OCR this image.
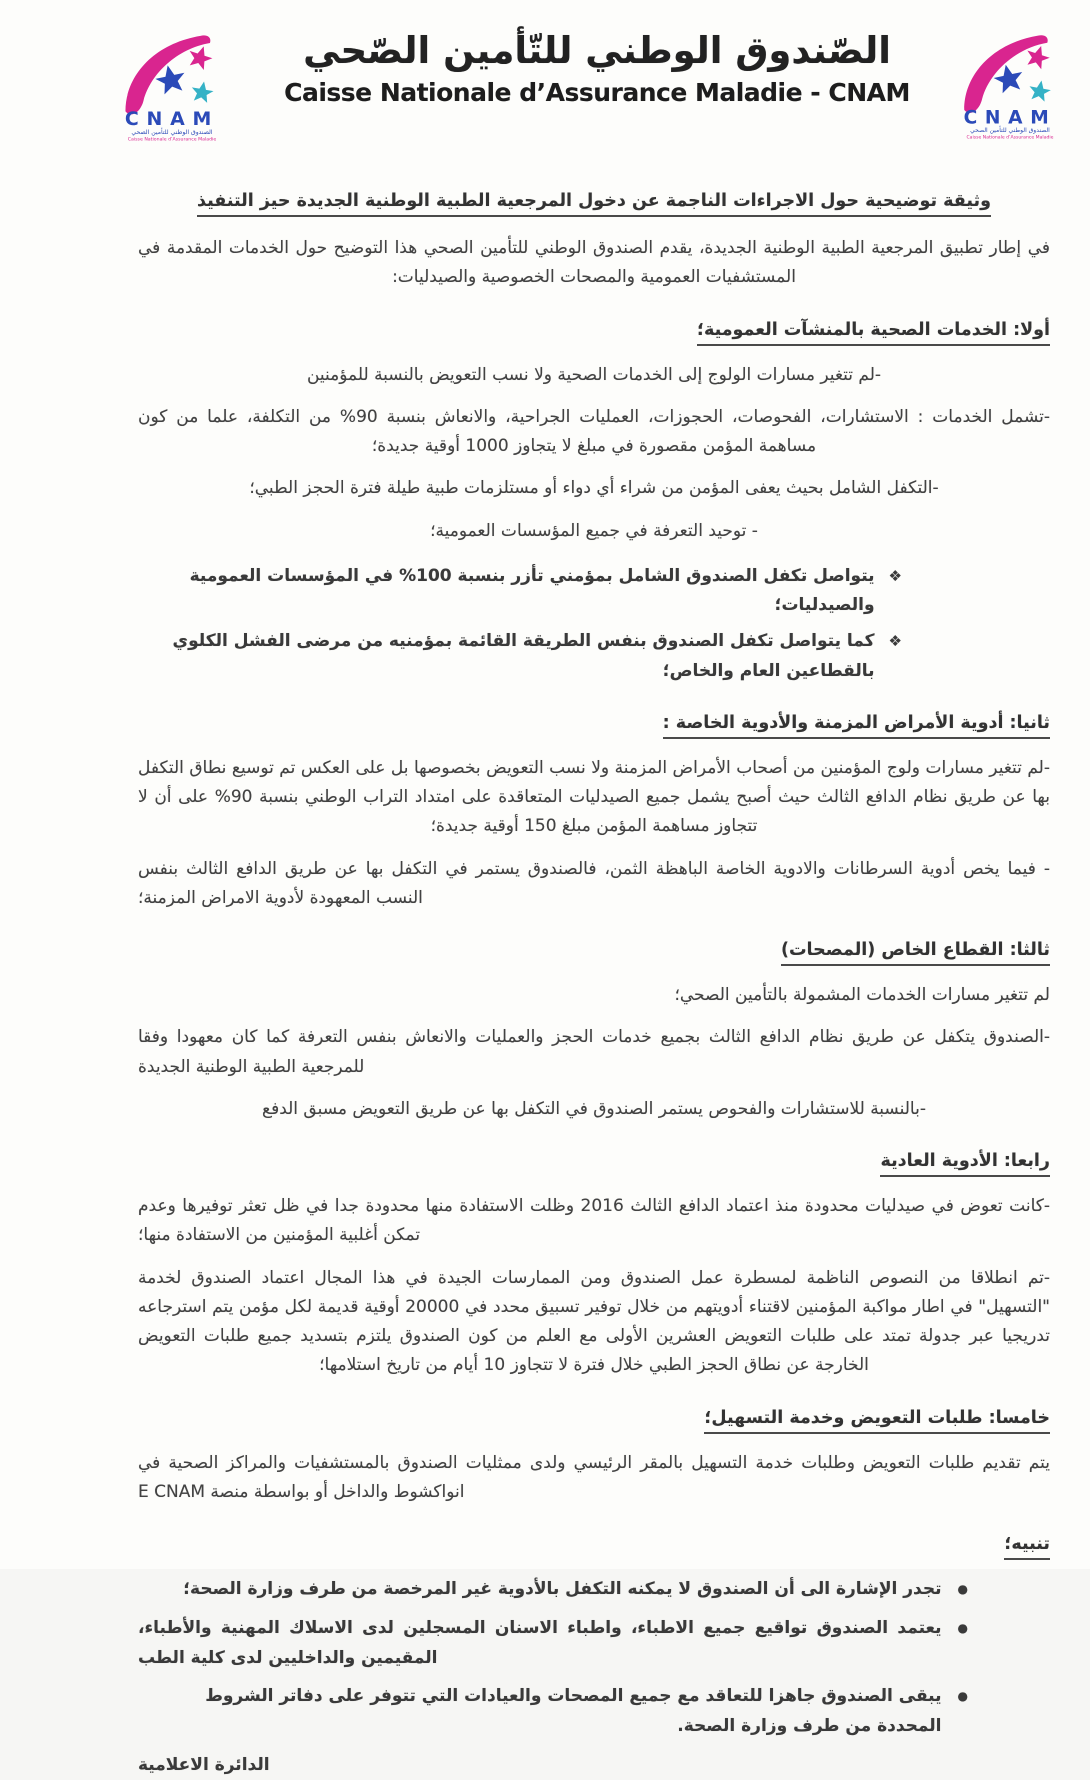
الصّندوق الوطني للتّأمين الصّحي
Caisse Nationale d’Assurance Maladie - CNAM
وثيقة توضيحية حول الاجراءات الناجمة عن دخول المرجعية الطبية الوطنية الجديدة حيز التنفيذ

في إطار تطبيق المرجعية الطبية الوطنية الجديدة، يقدم الصندوق الوطني للتأمين الصحي هذا التوضيح حول الخدمات المقدمة في المستشفيات العمومية والمصحات الخصوصية والصيدليات:

أولا: الخدمات الصحية بالمنشآت العمومية؛

-لم تتغير مسارات الولوج إلى الخدمات الصحية ولا نسب التعويض بالنسبة للمؤمنين

-تشمل الخدمات : الاستشارات، الفحوصات، الحجوزات، العمليات الجراحية، والانعاش بنسبة 90% من التكلفة، علما من كون مساهمة المؤمن مقصورة في مبلغ لا يتجاوز 1000 أوقية جديدة؛

-التكفل الشامل بحيث يعفى المؤمن من شراء أي دواء أو مستلزمات طبية طيلة فترة الحجز الطبي؛

- توحيد التعرفة في جميع المؤسسات العمومية؛

❖
يتواصل تكفل الصندوق الشامل بمؤمني تأزر بنسبة 100% في المؤسسات العمومية والصيدليات؛
❖
كما يتواصل تكفل الصندوق بنفس الطريقة القائمة بمؤمنيه من مرضى الفشل الكلوي بالقطاعين العام والخاص؛
ثانيا: أدوية الأمراض المزمنة والأدوية الخاصة :

-لم تتغير مسارات ولوج المؤمنين من أصحاب الأمراض المزمنة ولا نسب التعويض بخصوصها بل على العكس تم توسيع نطاق التكفل بها عن طريق نظام الدافع الثالث حيث أصبح يشمل جميع الصيدليات المتعاقدة على امتداد التراب الوطني بنسبة 90% على أن لا تتجاوز مساهمة المؤمن مبلغ 150 أوقية جديدة؛

- فيما يخص أدوية السرطانات والادوية الخاصة الباهظة الثمن، فالصندوق يستمر في التكفل بها عن طريق الدافع الثالث بنفس النسب المعهودة لأدوية الامراض المزمنة؛

ثالثا: القطاع الخاص (المصحات)

لم تتغير مسارات الخدمات المشمولة بالتأمين الصحي؛

-الصندوق يتكفل عن طريق نظام الدافع الثالث بجميع خدمات الحجز والعمليات والانعاش بنفس التعرفة كما كان معهودا وفقا للمرجعية الطبية الوطنية الجديدة

-بالنسبة للاستشارات والفحوص يستمر الصندوق في التكفل بها عن طريق التعويض مسبق الدفع

رابعا: الأدوية العادية

-كانت تعوض في صيدليات محدودة منذ اعتماد الدافع الثالث 2016 وظلت الاستفادة منها محدودة جدا في ظل تعثر توفيرها وعدم تمكن أغلبية المؤمنين من الاستفادة منها؛

-تم انطلاقا من النصوص الناظمة لمسطرة عمل الصندوق ومن الممارسات الجيدة في هذا المجال اعتماد الصندوق لخدمة "التسهيل" في اطار مواكبة المؤمنين لاقتناء أدويتهم من خلال توفير تسبيق محدد في 20000 أوقية قديمة لكل مؤمن يتم استرجاعه تدريجيا عبر جدولة تمتد على طلبات التعويض العشرين الأولى مع العلم من كون الصندوق يلتزم بتسديد جميع طلبات التعويض الخارجة عن نطاق الحجز الطبي خلال فترة لا تتجاوز 10 أيام من تاريخ استلامها؛

خامسا: طلبات التعويض وخدمة التسهيل؛

يتم تقديم طلبات التعويض وطلبات خدمة التسهيل بالمقر الرئيسي ولدى ممثليات الصندوق بالمستشفيات والمراكز الصحية في انواكشوط والداخل أو بواسطة منصة E CNAM

تنبيه؛
●
تجدر الإشارة الى أن الصندوق لا يمكنه التكفل بالأدوية غير المرخصة من طرف وزارة الصحة؛
●
يعتمد الصندوق تواقيع جميع الاطباء، واطباء الاسنان المسجلين لدى الاسلاك المهنية والأطباء، المقيمين والداخليين لدى كلية الطب
●
يبقى الصندوق جاهزا للتعاقد مع جميع المصحات والعيادات التي تتوفر على دفاتر الشروط المحددة من طرف وزارة الصحة.
الدائرة الاعلامية
